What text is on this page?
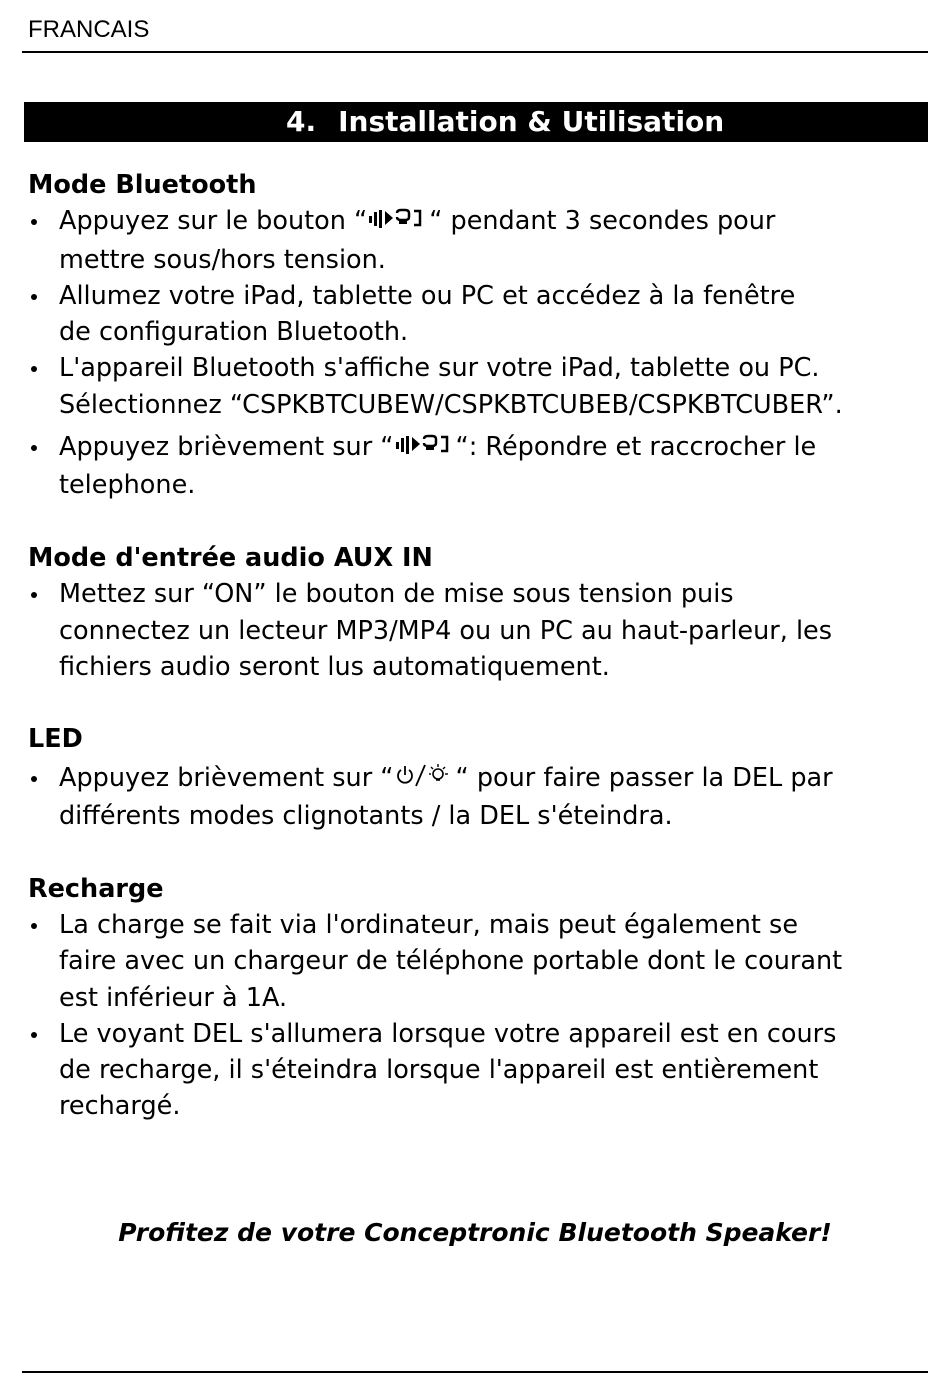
FRANCAIS
4. Installation & Utilisation

Mode Bluetooth

Appuyez sur le bouton “ “ pendant 3 secondes pour
mettre sous/hors tension.
Allumez votre iPad, tablette ou PC et accédez à la fenêtre
de configuration Bluetooth.
L'appareil Bluetooth s'affiche sur votre iPad, tablette ou PC.
Sélectionnez “CSPKBTCUBEW/CSPKBTCUBEB/CSPKBTCUBER”.
Appuyez brièvement sur “ “: Répondre et raccrocher le
telephone.

Mode d'entrée audio AUX IN

Mettez sur “ON” le bouton de mise sous tension puis
connectez un lecteur MP3/MP4 ou un PC au haut-parleur, les
fichiers audio seront lus automatiquement.

LED

Appuyez brièvement sur “ “ pour faire passer la DEL par
différents modes clignotants / la DEL s'éteindra.

Recharge

La charge se fait via l'ordinateur, mais peut également se
faire avec un chargeur de téléphone portable dont le courant
est inférieur à 1A.
Le voyant DEL s'allumera lorsque votre appareil est en cours
de recharge, il s'éteindra lorsque l'appareil est entièrement
rechargé.
Profitez de votre Conceptronic Bluetooth Speaker!
